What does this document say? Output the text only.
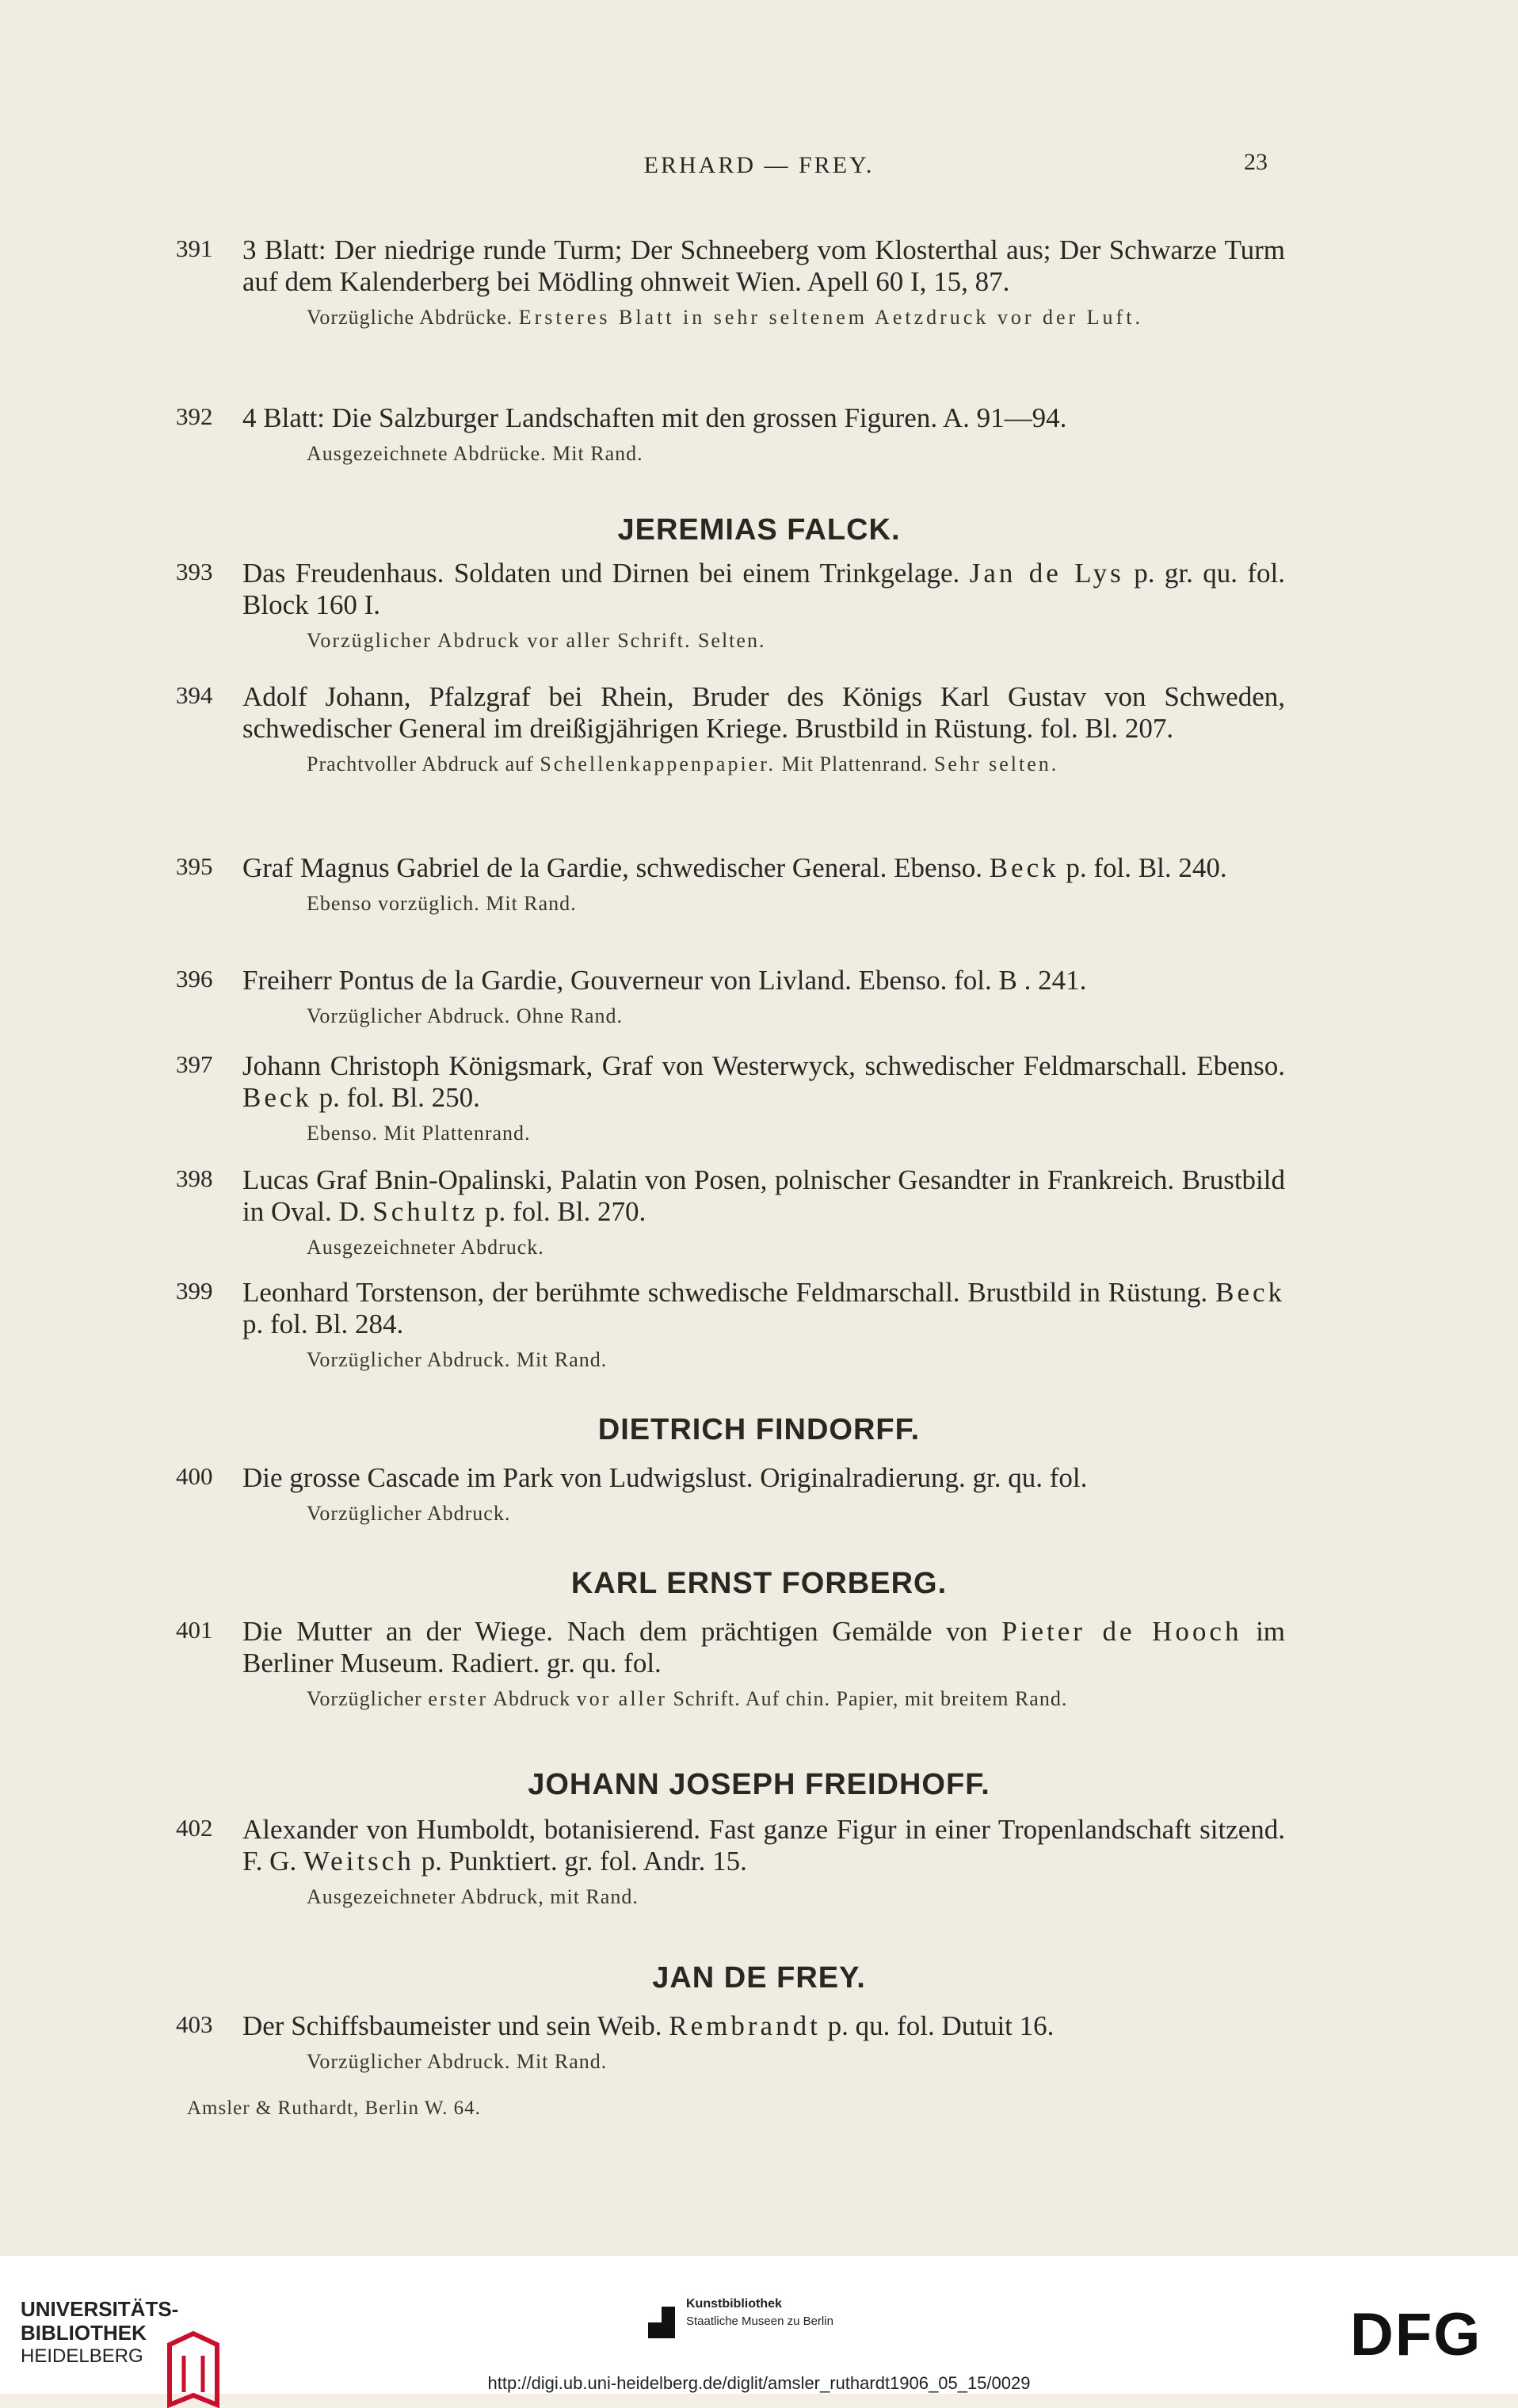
ERHARD — FREY.	23
391 3 Blatt: Der niedrige runde Turm; Der Schneeberg vom Klosterthal aus; Der Schwarze Turm auf dem Kalenderberg bei Mödling ohnweit Wien. Apell 60 I, 15, 87.
Vorzügliche Abdrücke. Ersteres Blatt in sehr seltenem Aetzdruck vor der Luft.
392 4 Blatt: Die Salzburger Landschaften mit den grossen Figuren. A. 91—94.
Ausgezeichnete Abdrücke. Mit Rand.
JEREMIAS FALCK.
393 Das Freudenhaus. Soldaten und Dirnen bei einem Trinkgelage. Jan de Lys p. gr. qu. fol. Block 160 I.
Vorzüglicher Abdruck vor aller Schrift. Selten.
394 Adolf Johann, Pfalzgraf bei Rhein, Bruder des Königs Karl Gustav von Schweden, schwedischer General im dreißigjährigen Kriege. Brustbild in Rüstung. fol. Bl. 207.
Prachtvoller Abdruck auf Schellenkappenpapier. Mit Plattenrand. Sehr selten.
395 Graf Magnus Gabriel de la Gardie, schwedischer General. Ebenso. Beck p. fol. Bl. 240.
Ebenso vorzüglich. Mit Rand.
396 Freiherr Pontus de la Gardie, Gouverneur von Livland. Ebenso. fol. B . 241.
Vorzüglicher Abdruck. Ohne Rand.
397 Johann Christoph Königsmark, Graf von Westerwyck, schwedischer Feldmarschall. Ebenso. Beck p. fol. Bl. 250.
Ebenso. Mit Plattenrand.
398 Lucas Graf Bnin-Opalinski, Palatin von Posen, polnischer Gesandter in Frankreich. Brustbild in Oval. D. Schultz p. fol. Bl. 270.
Ausgezeichneter Abdruck.
399 Leonhard Torstenson, der berühmte schwedische Feldmarschall. Brustbild in Rüstung. Beck p. fol. Bl. 284.
Vorzüglicher Abdruck. Mit Rand.
DIETRICH FINDORFF.
400 Die grosse Cascade im Park von Ludwigslust. Originalradierung. gr. qu. fol.
Vorzüglicher Abdruck.
KARL ERNST FORBERG.
401 Die Mutter an der Wiege. Nach dem prächtigen Gemälde von Pieter de Hooch im Berliner Museum. Radiert. gr. qu. fol.
Vorzüglicher erster Abdruck vor aller Schrift. Auf chin. Papier, mit breitem Rand.
JOHANN JOSEPH FREIDHOFF.
402 Alexander von Humboldt, botanisierend. Fast ganze Figur in einer Tropenlandschaft sitzend. F. G. Weitsch p. Punktiert. gr. fol. Andr. 15.
Ausgezeichneter Abdruck, mit Rand.
JAN DE FREY.
403 Der Schiffsbaumeister und sein Weib. Rembrandt p. qu. fol. Dutuit 16.
Vorzüglicher Abdruck. Mit Rand.
Amsler & Ruthardt, Berlin W. 64.
UNIVERSITÄTS-
BIBLIOTHEK
HEIDELBERG
Kunstbibliothek
Staatliche Museen zu Berlin	DFG
http://digi.ub.uni-heidelberg.de/diglit/amsler_ruthardt1906_05_15/0029
